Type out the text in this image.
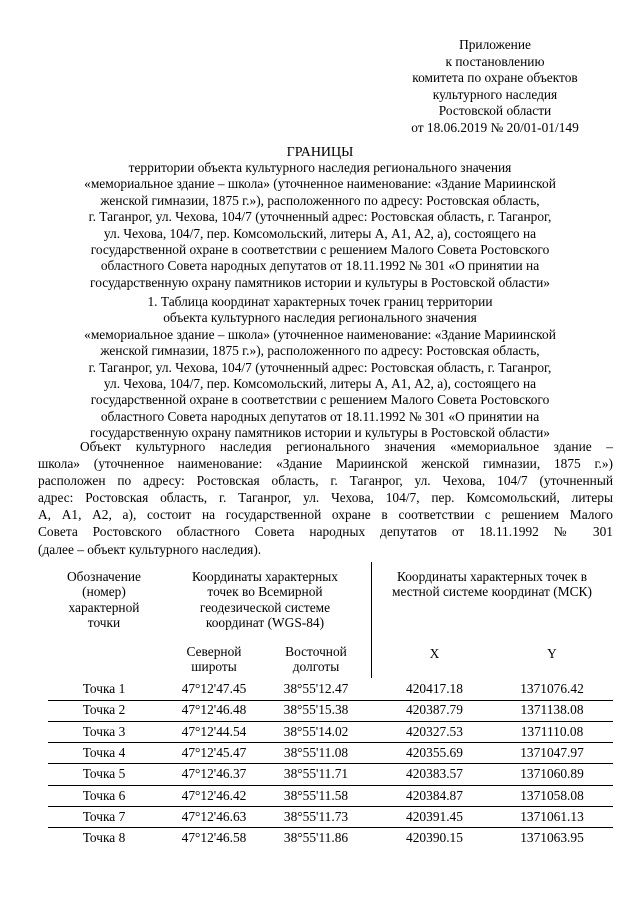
Приложение
к постановлению
комитета по охране объектов
культурного наследия
Ростовской области
от 18.06.2019 № 20/01-01/149
ГРАНИЦЫ
территории объекта культурного наследия регионального значения
«мемориальное здание – школа» (уточненное наименование: «Здание Мариинской
женской гимназии, 1875 г.»), расположенного по адресу: Ростовская область,
г. Таганрог, ул. Чехова, 104/7 (уточненный адрес: Ростовская область, г. Таганрог,
ул. Чехова, 104/7, пер. Комсомольский, литеры А, А1, А2, а), состоящего на
государственной охране в соответствии с решением Малого Совета Ростовского
областного Совета народных депутатов от 18.11.1992 № 301 «О принятии на
государственную охрану памятников истории и культуры в Ростовской области»
1. Таблица координат характерных точек границ территории
объекта культурного наследия регионального значения
«мемориальное здание – школа» (уточненное наименование: «Здание Мариинской
женской гимназии, 1875 г.»), расположенного по адресу: Ростовская область,
г. Таганрог, ул. Чехова, 104/7 (уточненный адрес: Ростовская область, г. Таганрог,
ул. Чехова, 104/7, пер. Комсомольский, литеры А, А1, А2, а), состоящего на
государственной охране в соответствии с решением Малого Совета Ростовского
областного Совета народных депутатов от 18.11.1992 № 301 «О принятии на
государственную охрану памятников истории и культуры в Ростовской области»
Объект культурного наследия регионального значения «мемориальное здание –
школа» (уточненное наименование: «Здание Мариинской женской гимназии, 1875 г.»)
расположен по адресу: Ростовская область, г. Таганрог, ул. Чехова, 104/7 (уточненный
адрес: Ростовская область, г. Таганрог, ул. Чехова, 104/7, пер. Комсомольский, литеры
А, А1, А2, а), состоит на государственной охране в соответствии с решением Малого
Совета Ростовского областного Совета народных депутатов от 18.11.1992 № 301
(далее – объект культурного наследия).
Обозначение
(номер)
характерной
точки
Координаты характерных
точек во Всемирной
геодезической системе
координат (WGS-84)
Координаты характерных точек в
местной системе координат (МСК)
Северной
широты
Восточной
долготы
X	Y
Точка 1	47°12'47.45	38°55'12.47	420417.18	1371076.42
Точка 2	47°12'46.48	38°55'15.38	420387.79	1371138.08
Точка 3	47°12'44.54	38°55'14.02	420327.53	1371110.08
Точка 4	47°12'45.47	38°55'11.08	420355.69	1371047.97
Точка 5	47°12'46.37	38°55'11.71	420383.57	1371060.89
Точка 6	47°12'46.42	38°55'11.58	420384.87	1371058.08
Точка 7	47°12'46.63	38°55'11.73	420391.45	1371061.13
Точка 8	47°12'46.58	38°55'11.86	420390.15	1371063.95
